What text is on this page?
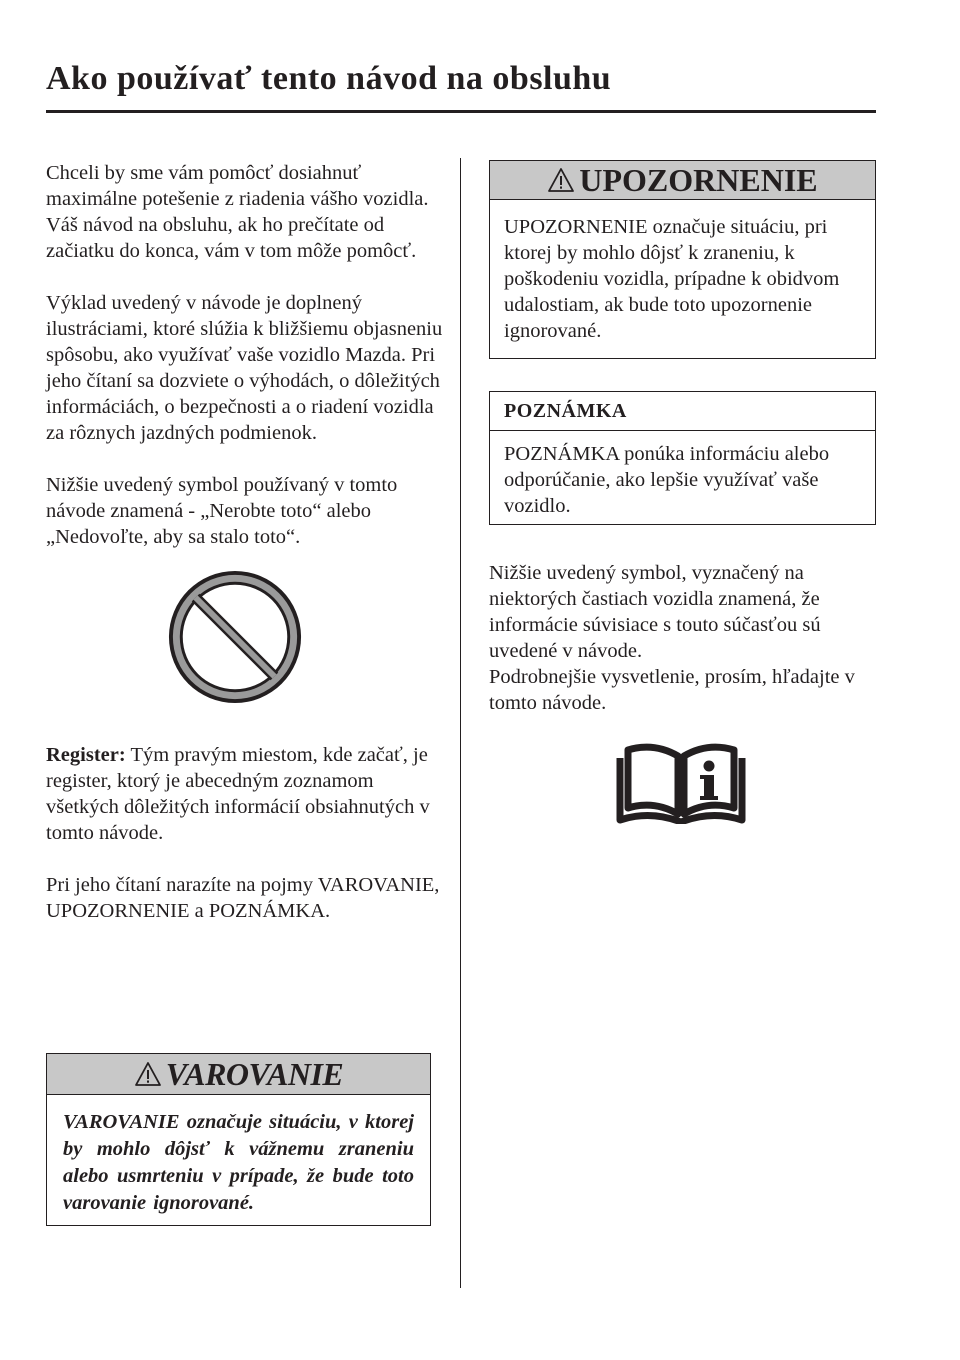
Ako používať tento návod na obsluhu

Chceli by sme vám pomôcť dosiahnuť maximálne potešenie z riadenia vášho vozidla. Váš návod na obsluhu, ak ho prečítate od začiatku do konca, vám v tom môže pomôcť.

Výklad uvedený v návode je doplnený ilustráciami, ktoré slúžia k bližšiemu objasneniu spôsobu, ako využívať vaše vozidlo Mazda. Pri jeho čítaní sa dozviete o výhodách, o dôležitých informáciách, o bezpečnosti a o riadení vozidla za rôznych jazdných podmienok.

Nižšie uvedený symbol používaný v tomto návode znamená - „Nerobte toto“ alebo „Nedovoľte, aby sa stalo toto“.

Register: Tým pravým miestom, kde začať, je register, ktorý je abecedným zoznamom všetkých dôležitých informácií obsiahnutých v tomto návode.

Pri jeho čítaní narazíte na pojmy VAROVANIE, UPOZORNENIE a POZNÁMKA.

VAROVANIE
VAROVANIE označuje situáciu, v ktorej by mohlo dôjsť k vážnemu zraneniu alebo usmrteniu v prípade, že bude toto varovanie ignorované.
UPOZORNENIE
UPOZORNENIE označuje situáciu, pri ktorej by mohlo dôjsť k zraneniu, k poškodeniu vozidla, prípadne k obidvom udalostiam, ak bude toto upozornenie ignorované.
POZNÁMKA
POZNÁMKA ponúka informáciu alebo odporúčanie, ako lepšie využívať vaše vozidlo.

Nižšie uvedený symbol, vyznačený na niektorých častiach vozidla znamená, že informácie súvisiace s touto súčasťou sú uvedené v návode.

Podrobnejšie vysvetlenie, prosím, hľadajte v tomto návode.
